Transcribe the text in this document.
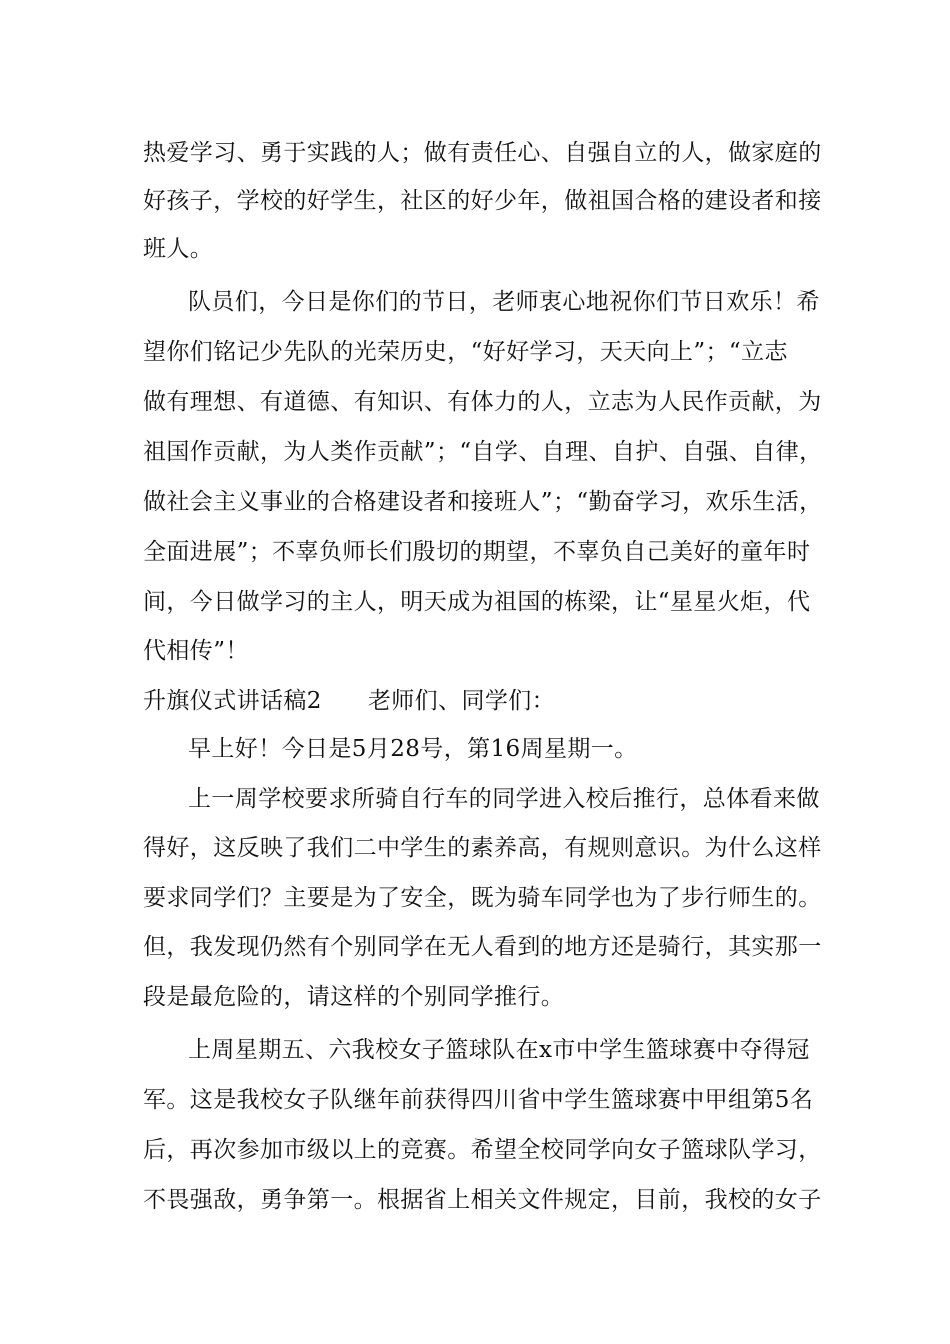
热爱学习、勇于实践的人；做有责任心、自强自立的人，做家庭的
好孩子，学校的好学生，社区的好少年，做祖国合格的建设者和接
班人。
队员们，今日是你们的节日，老师衷心地祝你们节日欢乐！希
望你们铭记少先队的光荣历史，“好好学习，天天向上”；“立志
做有理想、有道德、有知识、有体力的人，立志为人民作贡献，为
祖国作贡献，为人类作贡献”；“自学、自理、自护、自强、自律，
做社会主义事业的合格建设者和接班人”；“勤奋学习，欢乐生活，
全面进展”；不辜负师长们殷切的期望，不辜负自己美好的童年时
间，今日做学习的主人，明天成为祖国的栋梁，让“星星火炬，代
代相传”！
升旗仪式讲话稿2 老师们、同学们：
早上好！今日是5月28号，第16周星期一。
上一周学校要求所骑自行车的同学进入校后推行，总体看来做
得好，这反映了我们二中学生的素养高，有规则意识。为什么这样
要求同学们？主要是为了安全，既为骑车同学也为了步行师生的。
但，我发现仍然有个别同学在无人看到的地方还是骑行，其实那一
段是最危险的，请这样的个别同学推行。
上周星期五、六我校女子篮球队在x市中学生篮球赛中夺得冠
军。这是我校女子队继年前获得四川省中学生篮球赛中甲组第5名
后，再次参加市级以上的竞赛。希望全校同学向女子篮球队学习，
不畏强敌，勇争第一。根据省上相关文件规定，目前，我校的女子
